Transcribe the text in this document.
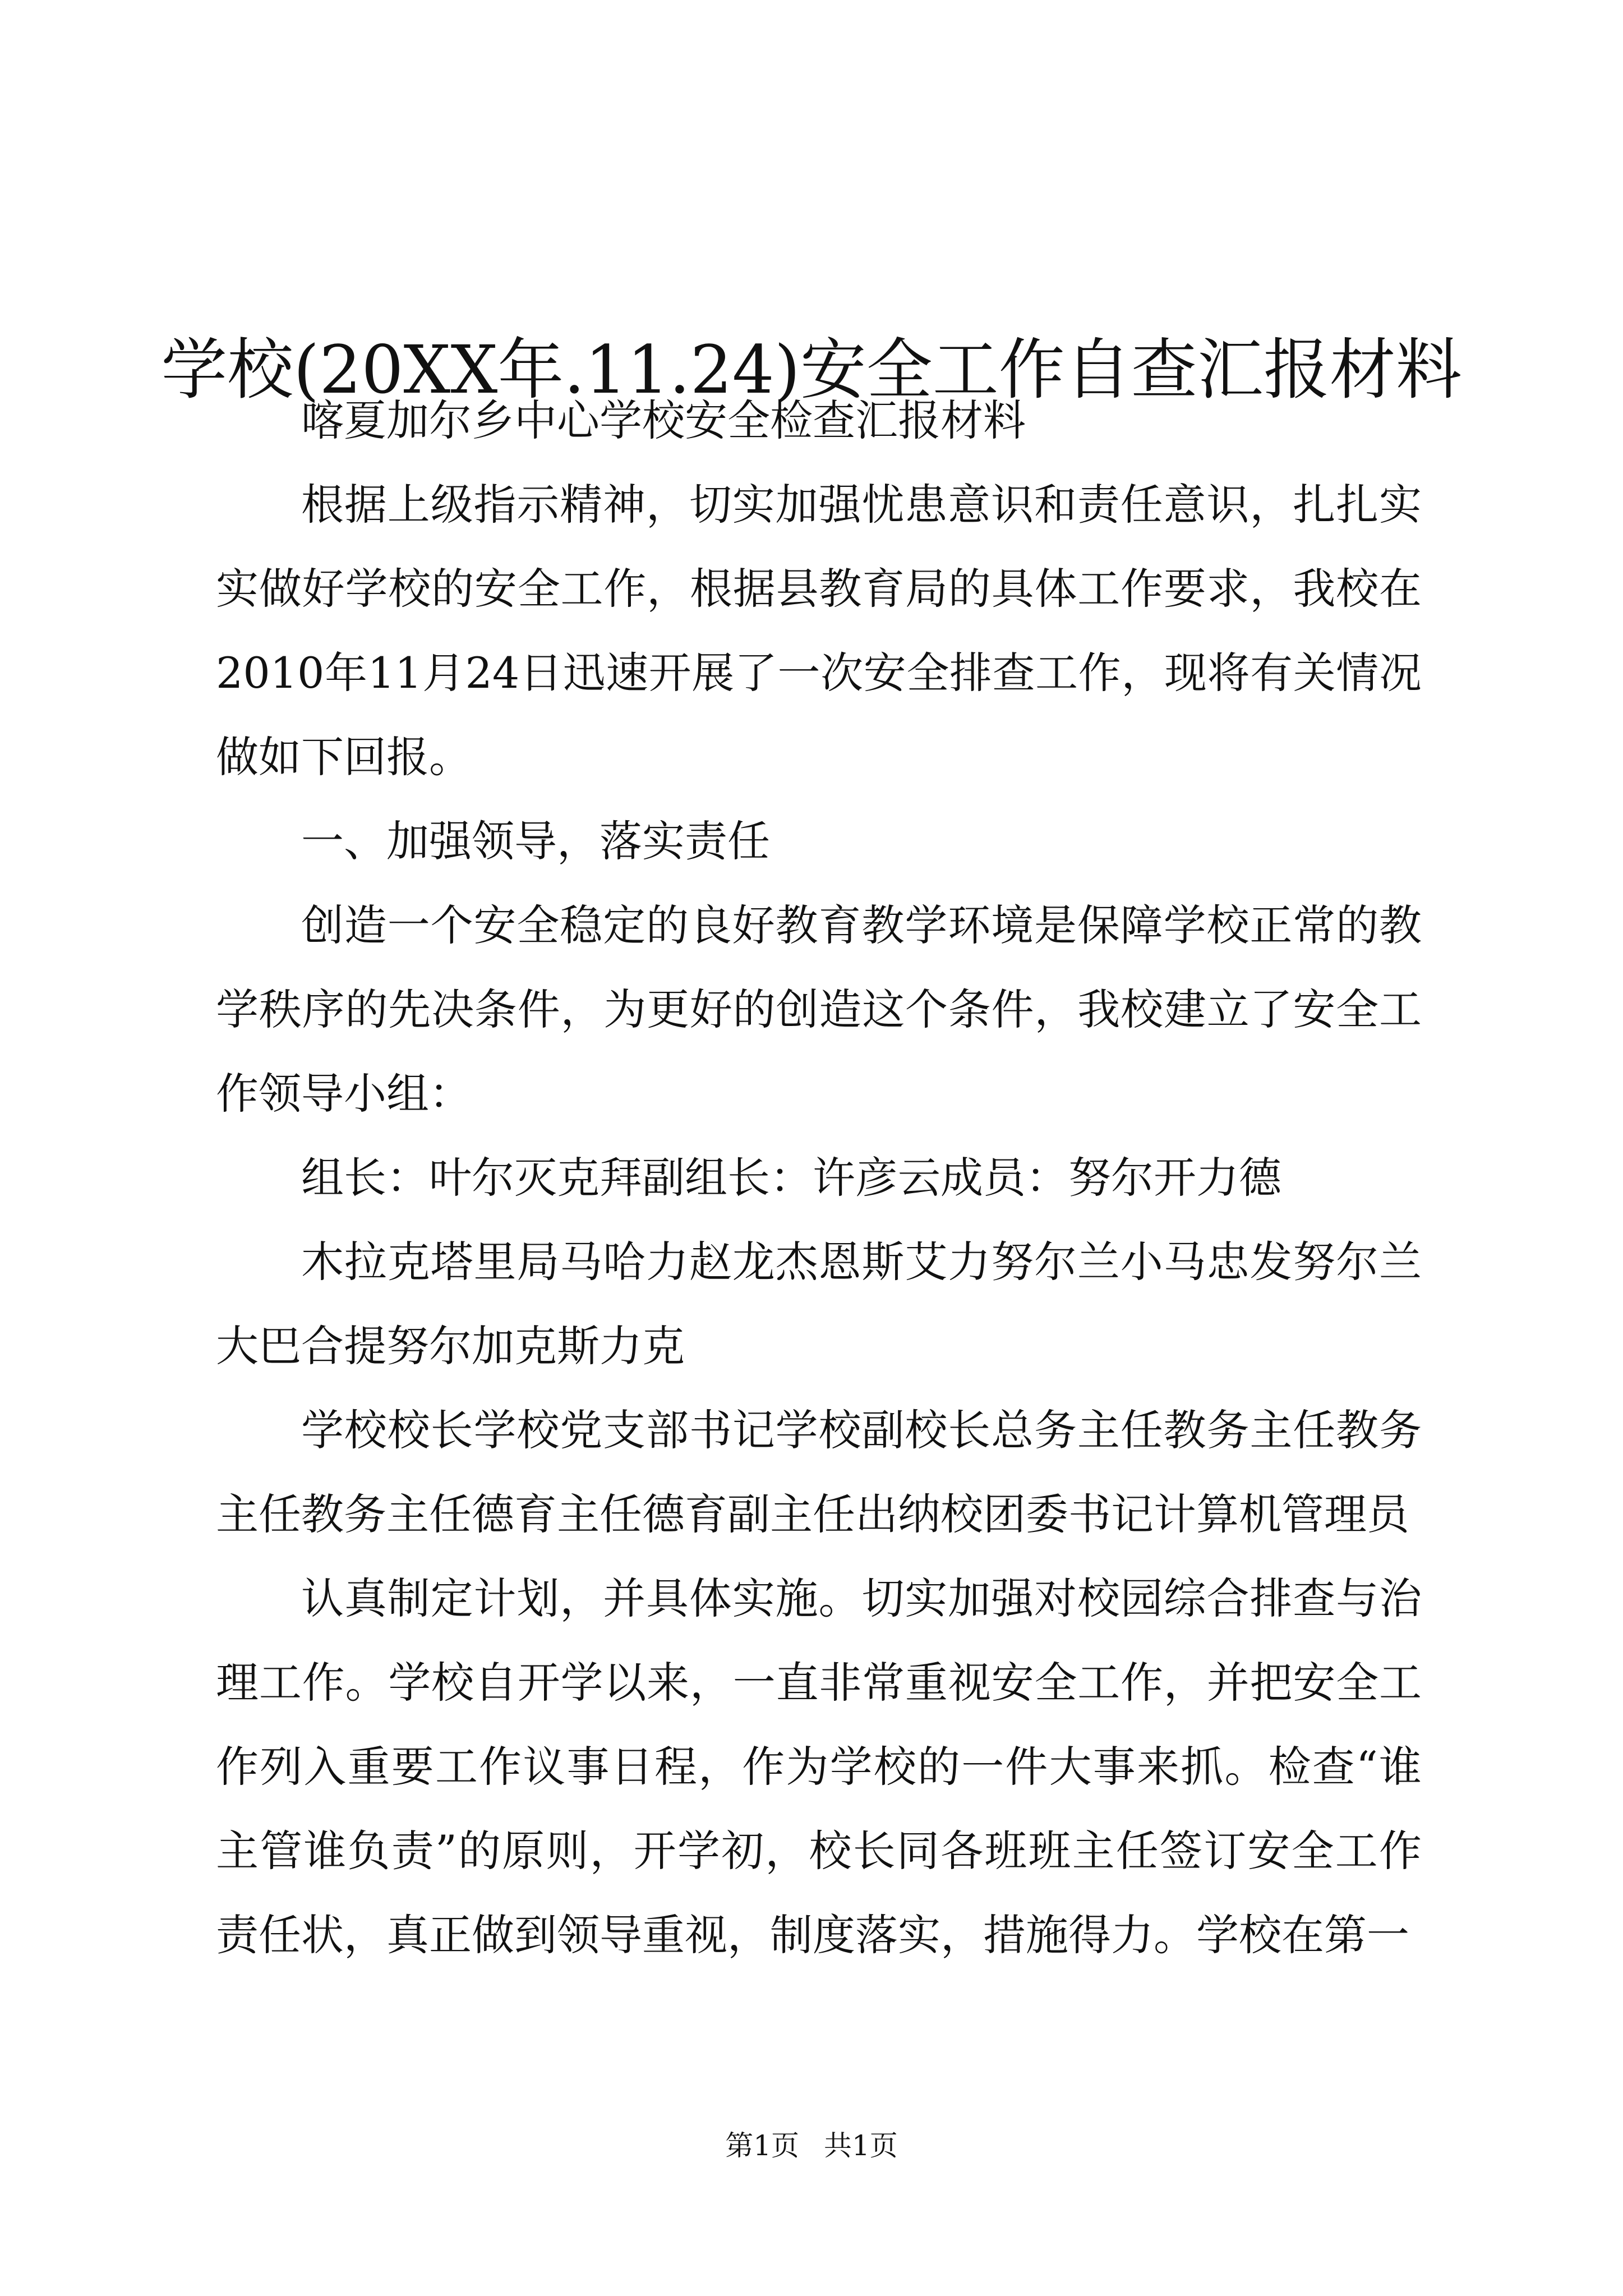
学校(20XX年.11.24)安全工作自查汇报材料

喀夏加尔乡中心学校安全检查汇报材料

根据上级指示精神，切实加强忧患意识和责任意识，扎扎实实做好学校的安全工作，根据县教育局的具体工作要求，我校在2010年11月24日迅速开展了一次安全排查工作，现将有关情况做如下回报。

一、加强领导，落实责任

创造一个安全稳定的良好教育教学环境是保障学校正常的教学秩序的先决条件，为更好的创造这个条件，我校建立了安全工作领导小组：

组长：叶尔灭克拜副组长：许彦云成员：努尔开力德

木拉克塔里局马哈力赵龙杰恩斯艾力努尔兰小马忠发努尔兰大巴合提努尔加克斯力克

学校校长学校党支部书记学校副校长总务主任教务主任教务主任教务主任德育主任德育副主任出纳校团委书记计算机管理员

认真制定计划，并具体实施。切实加强对校园综合排查与治理工作。学校自开学以来，一直非常重视安全工作，并把安全工作列入重要工作议事日程，作为学校的一件大事来抓。检查“谁主管谁负责”的原则，开学初，校长同各班班主任签订安全工作责任状，真正做到领导重视，制度落实，措施得力。学校在第一

第1页 共1页
